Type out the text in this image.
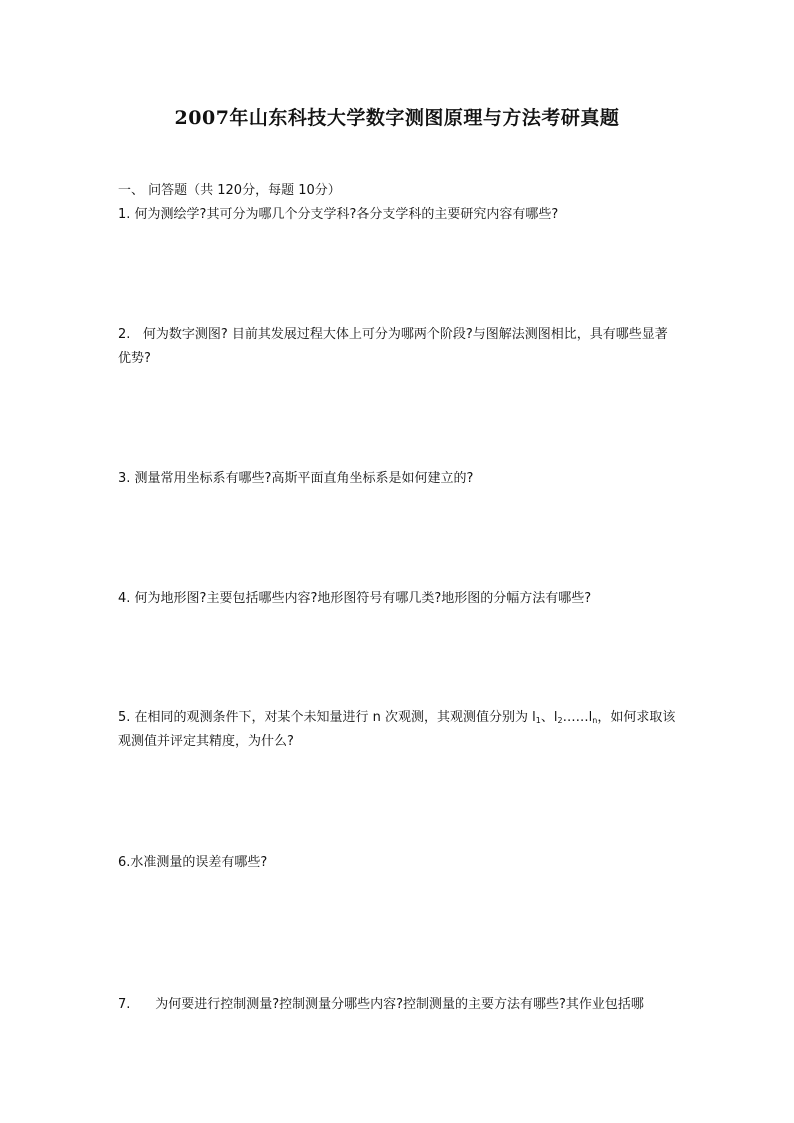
2007年山东科技大学数字测图原理与方法考研真题
一、 问答题（共 120分，每题 10分）
1. 何为测绘学?其可分为哪几个分支学科?各分支学科的主要研究内容有哪些?
2. 何为数字测图? 目前其发展过程大体上可分为哪两个阶段?与图解法测图相比，具有哪些显著优势?
3. 测量常用坐标系有哪些?高斯平面直角坐标系是如何建立的?
4. 何为地形图?主要包括哪些内容?地形图符号有哪几类?地形图的分幅方法有哪些?
5. 在相同的观测条件下，对某个未知量进行 n 次观测，其观测值分别为 $l_1$、$l_2\dots\dots l_n$，如何求取该观测值并评定其精度，为什么?
6.水准测量的误差有哪些?
7. 为何要进行控制测量?控制测量分哪些内容?控制测量的主要方法有哪些?其作业包括哪
